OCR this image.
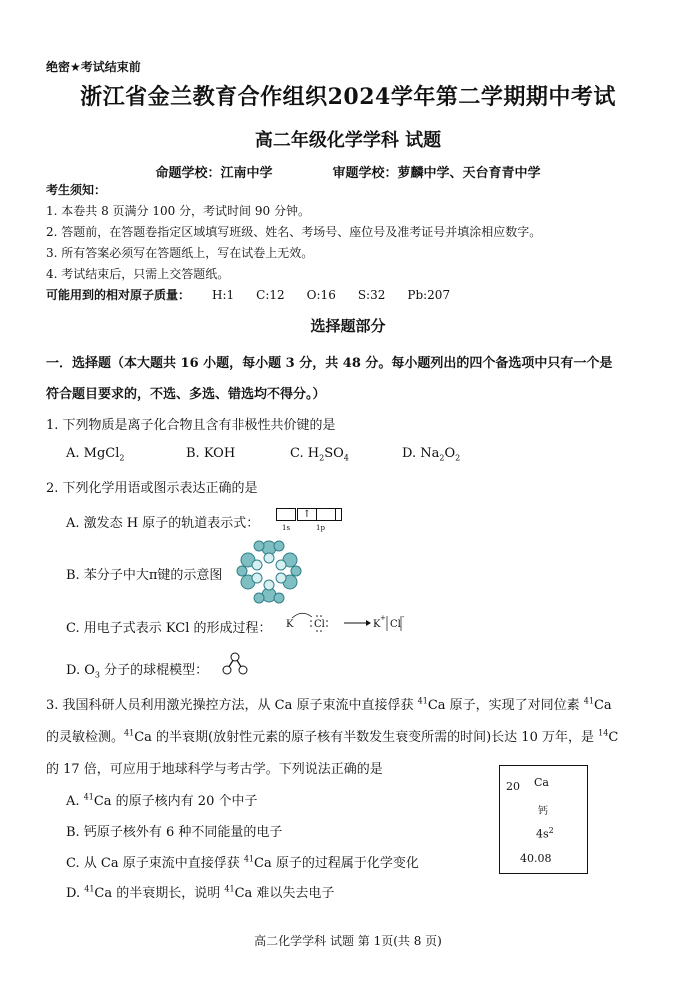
绝密★考试结束前
浙江省金兰教育合作组织2024学年第二学期期中考试
高二年级化学学科 试题
命题学校：江南中学	审题学校：萝麟中学、天台育青中学
考生须知：
1. 本卷共 8 页满分 100 分，考试时间 90 分钟。
2. 答题前，在答题卷指定区域填写班级、姓名、考场号、座位号及准考证号并填涂相应数字。
3. 所有答案必须写在答题纸上，写在试卷上无效。
4. 考试结束后，只需上交答题纸。
可能用到的相对原子质量： H:1 C:12 O:16 S:32 Pb:207
选择题部分
一．选择题（本大题共 16 小题，每小题 3 分，共 48 分。每小题列出的四个备选项中只有一个是
符合题目要求的，不选、多选、错选均不得分。）
1. 下列物质是离子化合物且含有非极性共价键的是
A. MgCl$_2$	B. KOH	C. $H_2SO_4$	D. $Na_2O_2$
2. 下列化学用语或图示表达正确的是
A. 激发态 H 原子的轨道表示式：
↑
1s	1p
B. 苯分子中大π键的示意图
C. 用电子式表示 KCl 的形成过程： K Cl	K
+
Cl
-
D. $O_3$ 分子的球棍模型：
3. 我国科研人员利用激光操控方法，从 Ca 原子束流中直接俘获 $^{41}$Ca 原子，实现了对同位素 $^{41}$Ca
的灵敏检测。$^{41}$Ca 的半衰期(放射性元素的原子核有半数发生衰变所需的时间)长达 10 万年，是 $^{14}$C
的 17 倍，可应用于地球科学与考古学。下列说法正确的是
A. $^{41}$Ca 的原子核内有 20 个中子
B. 钙原子核外有 6 种不同能量的电子
C. 从 Ca 原子束流中直接俘获 $^{41}$Ca 原子的过程属于化学变化
D. $^{41}$Ca 的半衰期长，说明 $^{41}$Ca 难以失去电子
20 Ca
钙
$4s^2$
40.08
高二化学学科 试题 第 1页(共 8 页)
